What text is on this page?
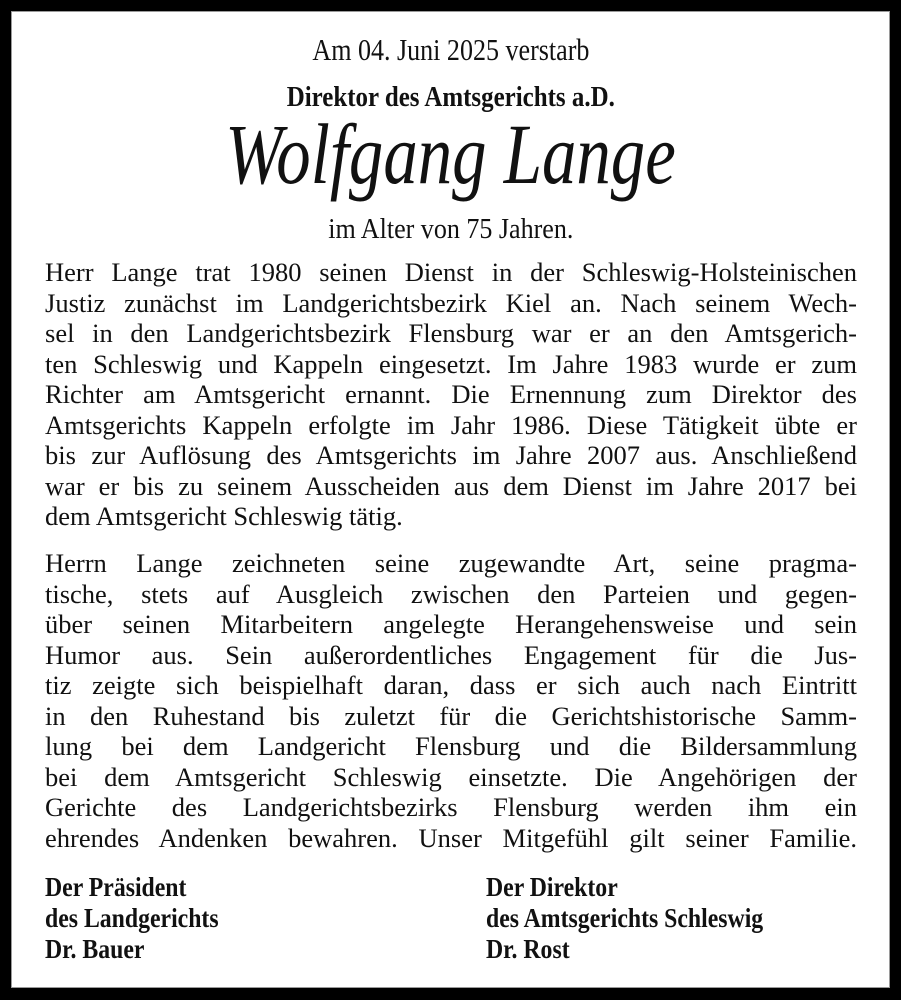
Am 04. Juni 2025 verstarb
Direktor des Amtsgerichts a.D.
Wolfgang Lange
im Alter von 75 Jahren.
Herr Lange trat 1980 seinen Dienst in der Schleswig-Holsteinischen
Justiz zunächst im Landgerichtsbezirk Kiel an. Nach seinem Wech-
sel in den Landgerichtsbezirk Flensburg war er an den Amtsgerich-
ten Schleswig und Kappeln eingesetzt. Im Jahre 1983 wurde er zum
Richter am Amtsgericht ernannt. Die Ernennung zum Direktor des
Amtsgerichts Kappeln erfolgte im Jahr 1986. Diese Tätigkeit übte er
bis zur Auflösung des Amtsgerichts im Jahre 2007 aus. Anschließend
war er bis zu seinem Ausscheiden aus dem Dienst im Jahre 2017 bei
dem Amtsgericht Schleswig tätig.
Herrn Lange zeichneten seine zugewandte Art, seine pragma-
tische, stets auf Ausgleich zwischen den Parteien und gegen-
über seinen Mitarbeitern angelegte Herangehensweise und sein
Humor aus. Sein außerordentliches Engagement für die Jus-
tiz zeigte sich beispielhaft daran, dass er sich auch nach Eintritt
in den Ruhestand bis zuletzt für die Gerichtshistorische Samm-
lung bei dem Landgericht Flensburg und die Bildersammlung
bei dem Amtsgericht Schleswig einsetzte. Die Angehörigen der
Gerichte des Landgerichtsbezirks Flensburg werden ihm ein
ehrendes Andenken bewahren. Unser Mitgefühl gilt seiner Familie.
Der Präsident
des Landgerichts
Dr. Bauer
Der Direktor
des Amtsgerichts Schleswig
Dr. Rost
